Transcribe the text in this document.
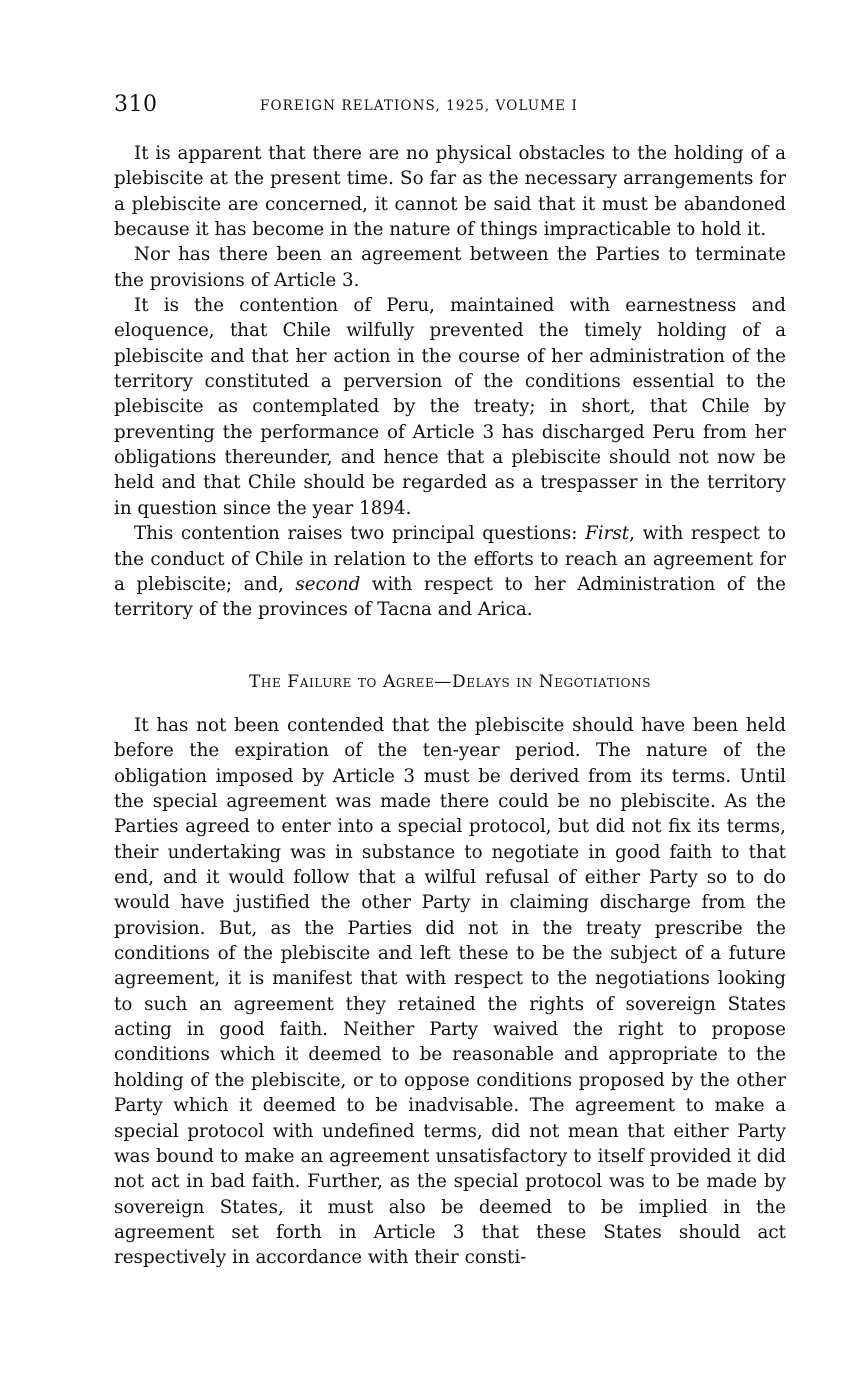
310	FOREIGN RELATIONS, 1925, VOLUME I

It is apparent that there are no physical obstacles to the holding of a plebiscite at the present time. So far as the necessary arrangements for a plebiscite are concerned, it cannot be said that it must be abandoned because it has become in the nature of things impracticable to hold it.

Nor has there been an agreement between the Parties to terminate the provisions of Article 3.

It is the contention of Peru, maintained with earnestness and eloquence, that Chile wilfully prevented the timely holding of a plebiscite and that her action in the course of her administration of the territory constituted a perversion of the conditions essential to the plebiscite as contemplated by the treaty; in short, that Chile by preventing the performance of Article 3 has discharged Peru from her obligations thereunder, and hence that a plebiscite should not now be held and that Chile should be regarded as a trespasser in the territory in question since the year 1894.

This contention raises two principal questions: First, with respect to the conduct of Chile in relation to the efforts to reach an agreement for a plebiscite; and, second with respect to her Administration of the territory of the provinces of Tacna and Arica.

The Failure to Agree—Delays in Negotiations

It has not been contended that the plebiscite should have been held before the expiration of the ten-year period. The nature of the obligation imposed by Article 3 must be derived from its terms. Until the special agreement was made there could be no plebiscite. As the Parties agreed to enter into a special protocol, but did not fix its terms, their undertaking was in substance to negotiate in good faith to that end, and it would follow that a wilful refusal of either Party so to do would have justified the other Party in claiming discharge from the provision. But, as the Parties did not in the treaty prescribe the conditions of the plebiscite and left these to be the subject of a future agreement, it is manifest that with respect to the negotiations looking to such an agreement they retained the rights of sovereign States acting in good faith. Neither Party waived the right to propose conditions which it deemed to be reasonable and appropriate to the holding of the plebiscite, or to oppose conditions proposed by the other Party which it deemed to be inadvisable. The agreement to make a special protocol with undefined terms, did not mean that either Party was bound to make an agreement unsatisfactory to itself provided it did not act in bad faith. Further, as the special protocol was to be made by sovereign States, it must also be deemed to be implied in the agreement set forth in Article 3 that these States should act respectively in accordance with their consti-
